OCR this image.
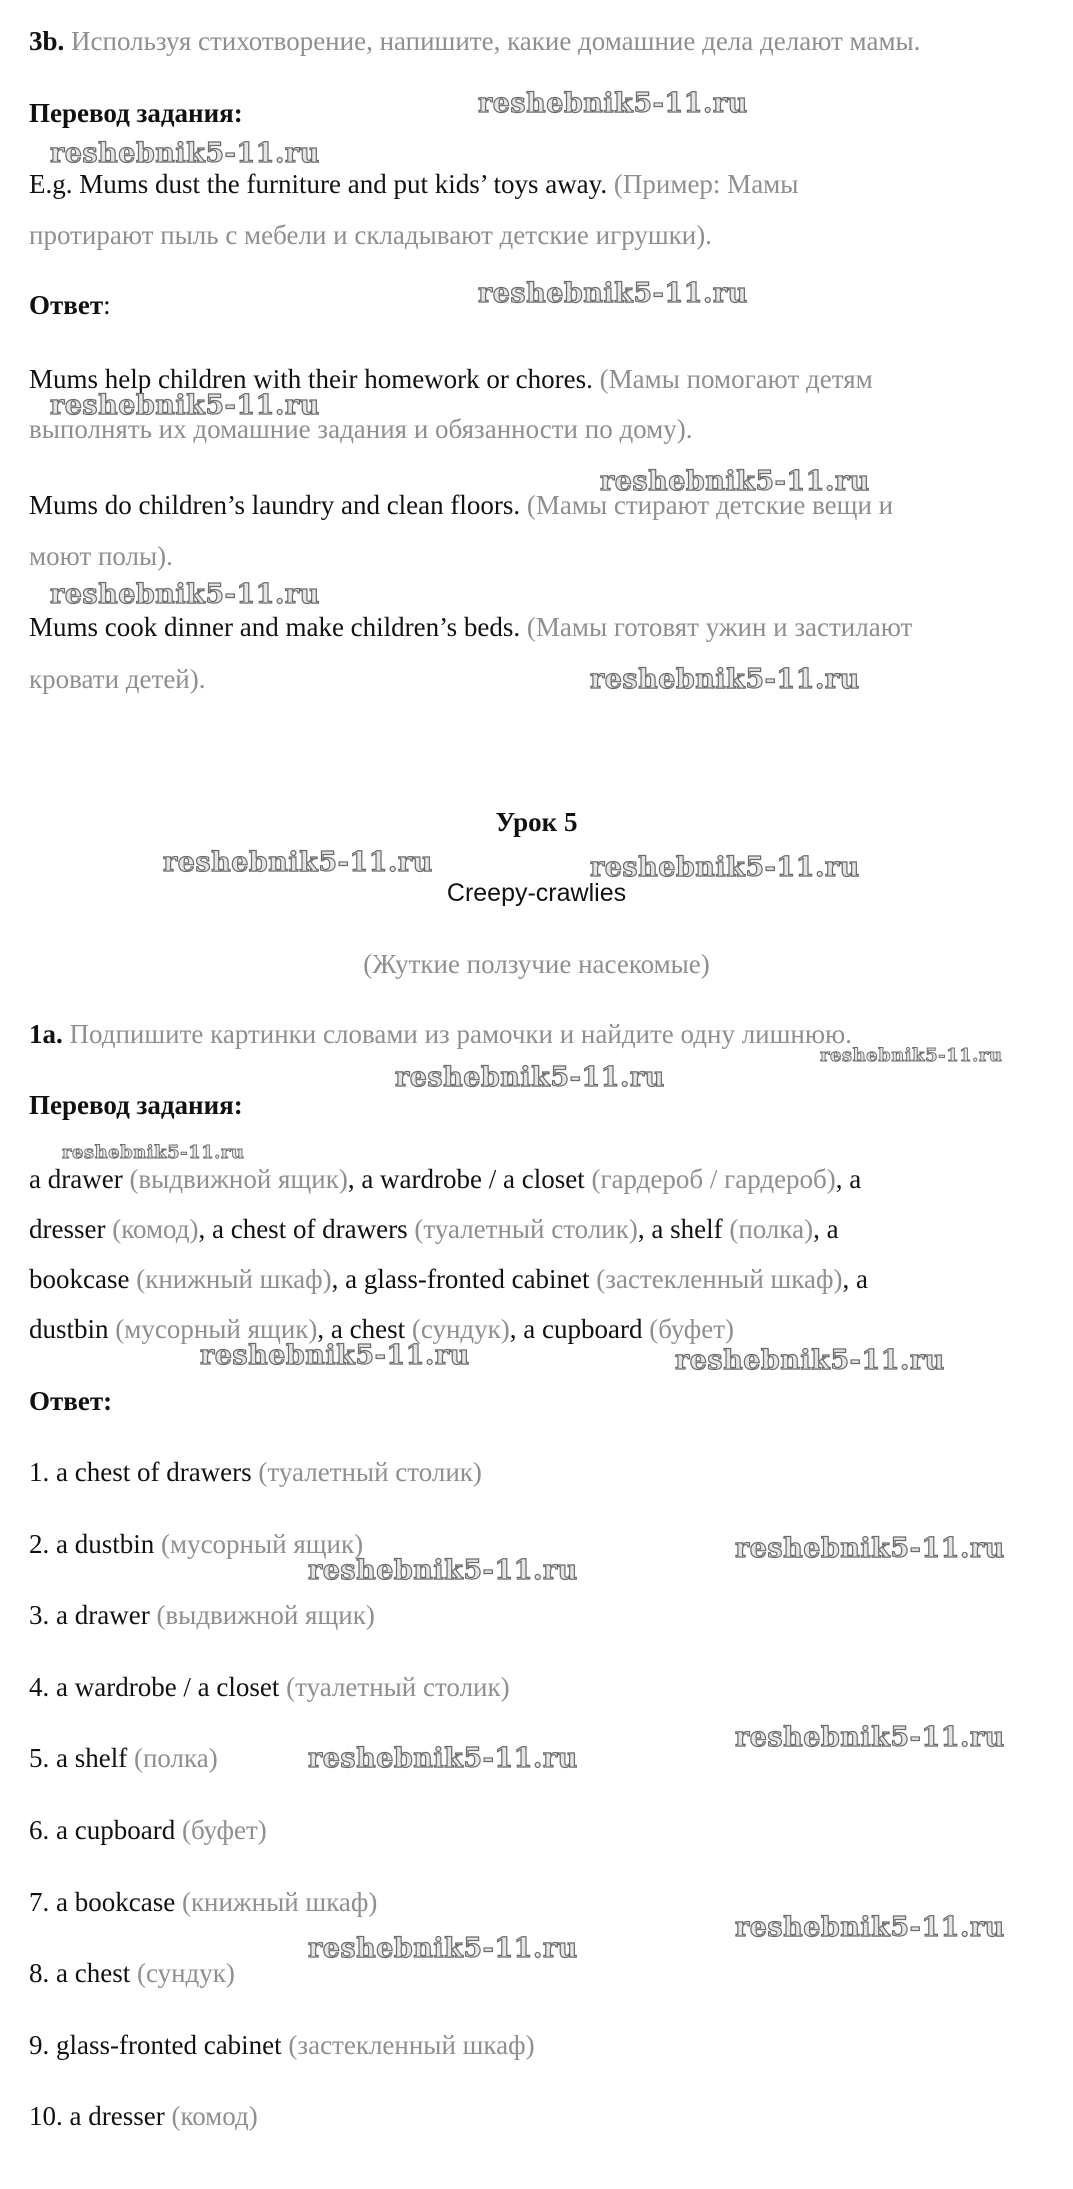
3b. Используя стихотворение, напишите, какие домашние дела делают мамы.
Перевод задания:
E.g. Mums dust the furniture and put kids’ toys away. (Пример: Мамы
протирают пыль с мебели и складывают детские игрушки).
Ответ:
Mums help children with their homework or chores. (Мамы помогают детям
выполнять их домашние задания и обязанности по дому).
Mums do children’s laundry and clean floors. (Мамы стирают детские вещи и
моют полы).
Mums cook dinner and make children’s beds. (Мамы готовят ужин и застилают
кровати детей).
Урок 5
Creepy-crawlies
(Жуткие ползучие насекомые)
1a. Подпишите картинки словами из рамочки и найдите одну лишнюю.
Перевод задания:
a drawer (выдвижной ящик), a wardrobe / a closet (гардероб / гардероб), a
dresser (комод), a chest of drawers (туалетный столик), a shelf (полка), a
bookcase (книжный шкаф), a glass-fronted cabinet (застекленный шкаф), a
dustbin (мусорный ящик), a chest (сундук), a cupboard (буфет)
Ответ:
1. a chest of drawers (туалетный столик)
2. a dustbin (мусорный ящик)
3. a drawer (выдвижной ящик)
4. a wardrobe / a closet (туалетный столик)
5. a shelf (полка)
6. a cupboard (буфет)
7. a bookcase (книжный шкаф)
8. a chest (сундук)
9. glass-fronted cabinet (застекленный шкаф)
10. a dresser (комод)
reshebnik5-11.ru
reshebnik5-11.ru
reshebnik5-11.ru
reshebnik5-11.ru
reshebnik5-11.ru
reshebnik5-11.ru
reshebnik5-11.ru
reshebnik5-11.ru	reshebnik5-11.ru
reshebnik5-11.ru
reshebnik5-11.ru
reshebnik5-11.ru
reshebnik5-11.ru	reshebnik5-11.ru
reshebnik5-11.ru
reshebnik5-11.ru
reshebnik5-11.ru
reshebnik5-11.ru
reshebnik5-11.ru
reshebnik5-11.ru
